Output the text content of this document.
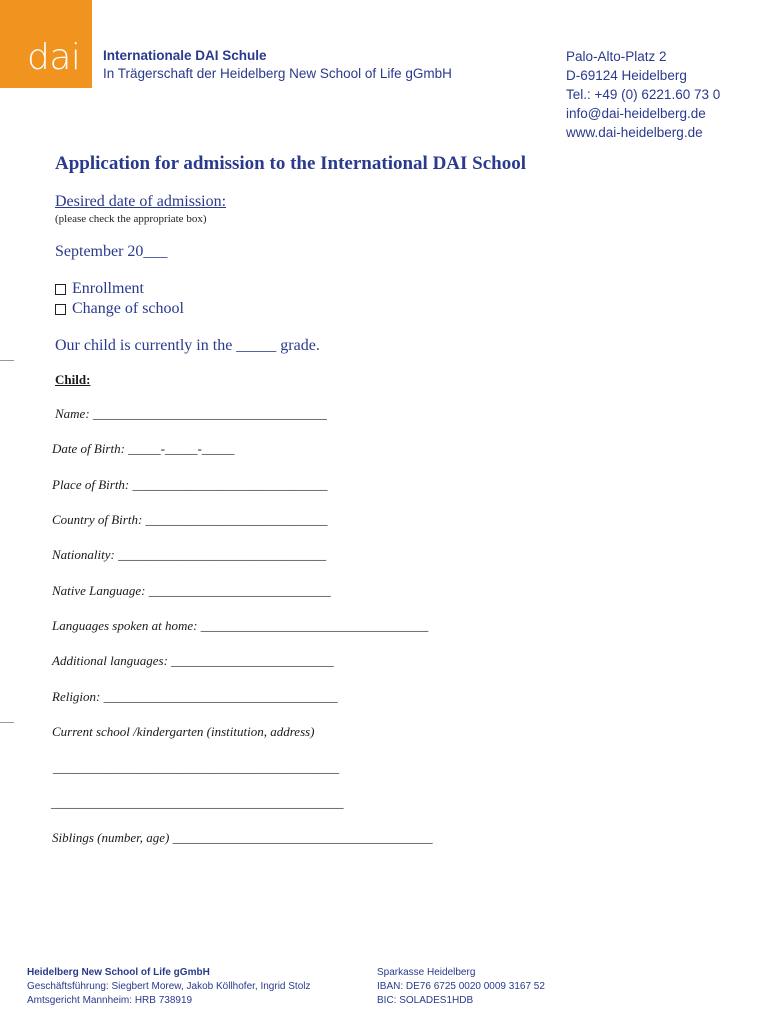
dai Internationale DAI Schule
In Trägerschaft der Heidelberg New School of Life gGmbH
Palo-Alto-Platz 2
D-69124 Heidelberg
Tel.: +49 (0) 6221.60 73 0
info@dai-heidelberg.de
www.dai-heidelberg.de
Application for admission to the International DAI School
Desired date of admission:
(please check the appropriate box)
September 20___
Enrollment
Change of school
Our child is currently in the _____ grade.
Child:
Name: ____________________________________
Date of Birth: _____-_____-_____
Place of Birth: ______________________________
Country of Birth: ____________________________
Nationality: ________________________________
Native Language: ____________________________
Languages spoken at home: ___________________________________
Additional languages: _________________________
Religion: ____________________________________
Current school /kindergarten (institution, address)
____________________________________________
_____________________________________________
Siblings (number, age) ________________________________________
Heidelberg New School of Life gGmbH
Geschäftsführung: Siegbert Morew, Jakob Köllhofer, Ingrid Stolz
Amtsgericht Mannheim: HRB 738919
Sparkasse Heidelberg
IBAN: DE76 6725 0020 0009 3167 52
BIC: SOLADES1HDB
